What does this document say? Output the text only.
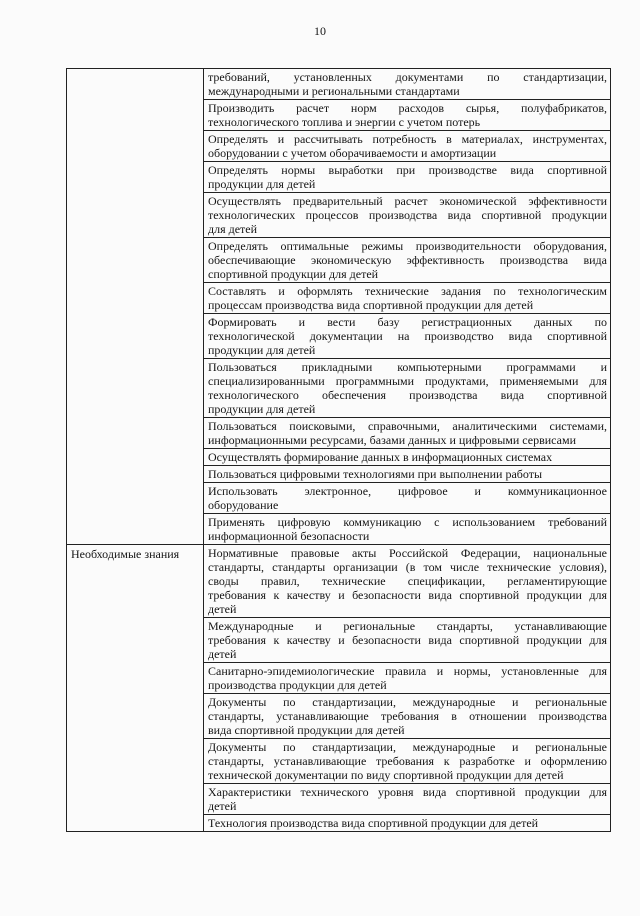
10

	требований, установленных документами по стандартизации,
международными и региональными стандартами

	Производить расчет норм расходов сырья, полуфабрикатов,
технологического топлива и энергии с учетом потерь

	Определять и рассчитывать потребность в материалах, инструментах,
оборудовании с учетом оборачиваемости и амортизации

	Определять нормы выработки при производстве вида спортивной
продукции для детей

	Осуществлять предварительный расчет экономической эффективности
технологических процессов производства вида спортивной продукции
для детей

	Определять оптимальные режимы производительности оборудования,
обеспечивающие экономическую эффективность производства вида
спортивной продукции для детей

	Составлять и оформлять технические задания по технологическим
процессам производства вида спортивной продукции для детей

	Формировать и вести базу регистрационных данных по
технологической документации на производство вида спортивной
продукции для детей

	Пользоваться прикладными компьютерными программами и
специализированными программными продуктами, применяемыми для
технологического обеспечения производства вида спортивной
продукции для детей

	Пользоваться поисковыми, справочными, аналитическими системами,
информационными ресурсами, базами данных и цифровыми сервисами

	Осуществлять формирование данных в информационных системах

	Пользоваться цифровыми технологиями при выполнении работы

	Использовать электронное, цифровое и коммуникационное
оборудование

	Применять цифровую коммуникацию с использованием требований
информационной безопасности

Необходимые знания	Нормативные правовые акты Российской Федерации, национальные
стандарты, стандарты организации (в том числе технические условия),
своды правил, технические спецификации, регламентирующие
требования к качеству и безопасности вида спортивной продукции для
детей

	Международные и региональные стандарты, устанавливающие
требования к качеству и безопасности вида спортивной продукции для
детей

	Санитарно-эпидемиологические правила и нормы, установленные для
производства продукции для детей

	Документы по стандартизации, международные и региональные
стандарты, устанавливающие требования в отношении производства
вида спортивной продукции для детей

	Документы по стандартизации, международные и региональные
стандарты, устанавливающие требования к разработке и оформлению
технической документации по виду спортивной продукции для детей

	Характеристики технического уровня вида спортивной продукции для
детей

	Технология производства вида спортивной продукции для детей
